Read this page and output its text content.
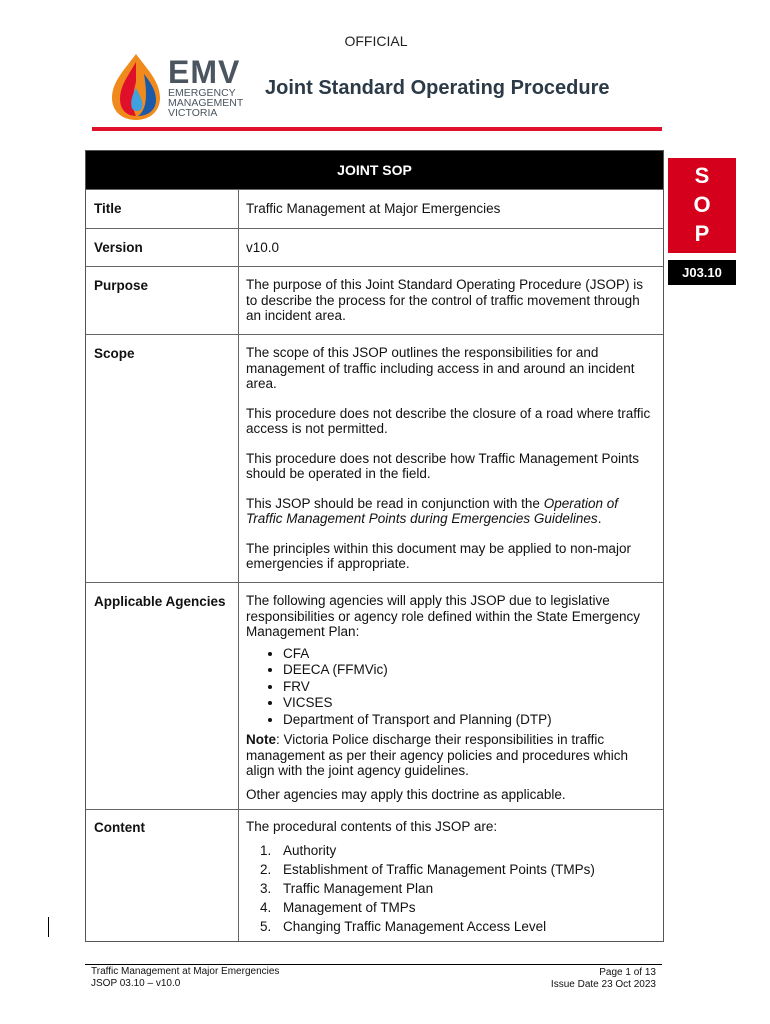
OFFICIAL
EMV
EMERGENCY
MANAGEMENT
VICTORIA
Joint Standard Operating Procedure
JOINT SOP
Title	Traffic Management at Major Emergencies
Version	v10.0
Purpose	The purpose of this Joint Standard Operating Procedure (JSOP) is to describe the process for the control of traffic movement through an incident area.
Scope	The scope of this JSOP outlines the responsibilities for and management of traffic including access in and around an incident area.

This procedure does not describe the closure of a road where traffic access is not permitted.

This procedure does not describe how Traffic Management Points should be operated in the field.

This JSOP should be read in conjunction with the Operation of Traffic Management Points during Emergencies Guidelines.

The principles within this document may be applied to non-major emergencies if appropriate.

Applicable Agencies	The following agencies will apply this JSOP due to legislative responsibilities or agency role defined within the State Emergency Management Plan:

• CFA
• DEECA (FFMVic)
• FRV
• VICSES
• Department of Transport and Planning (DTP)

Note: Victoria Police discharge their responsibilities in traffic management as per their agency policies and procedures which align with the joint agency guidelines.

Other agencies may apply this doctrine as applicable.

Content	The procedural contents of this JSOP are:

1. Authority
2. Establishment of Traffic Management Points (TMPs)
3. Traffic Management Plan
4. Management of TMPs
5. Changing Traffic Management Access Level
S
O
P
J03.10
Traffic Management at Major Emergencies
JSOP 03.10 – v10.0
Page 1 of 13
Issue Date 23 Oct 2023
